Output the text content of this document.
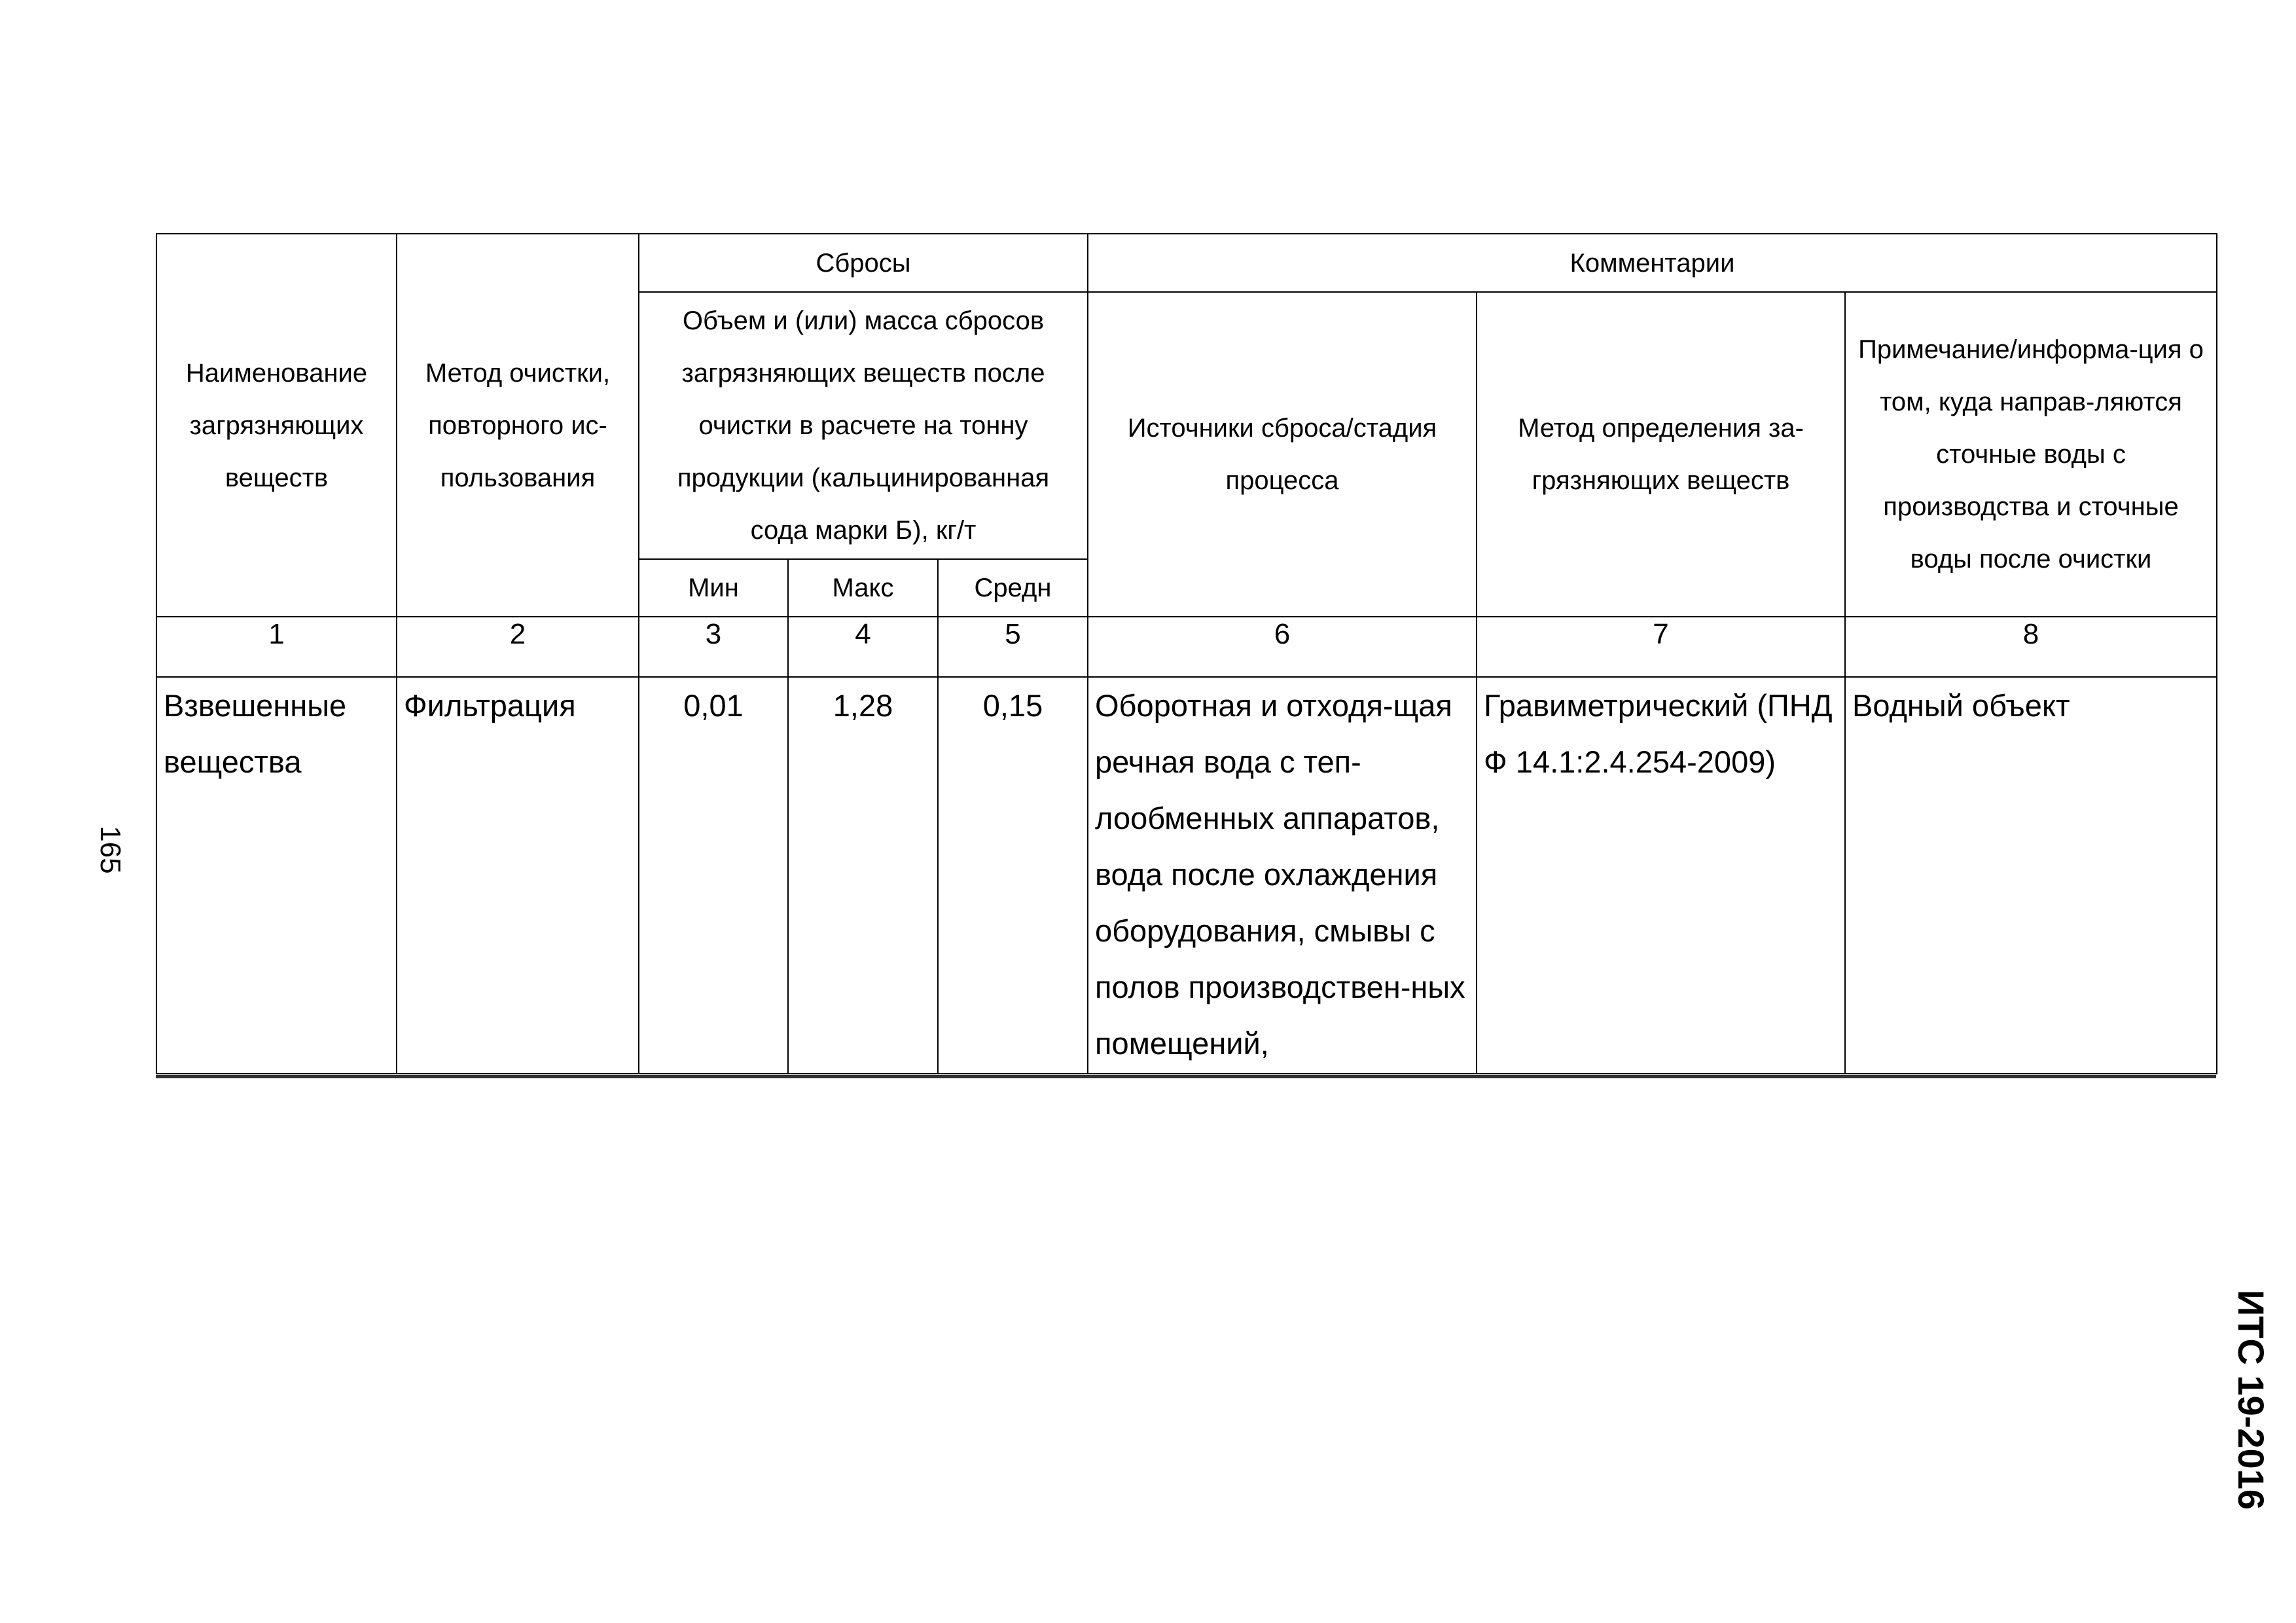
165
ИТС 19-2016
Наименование загрязняющих веществ	Метод очистки, повторного ис-пользования	Сбросы			Комментарии		
		Объем и (или) масса сбросов загрязняющих веществ после очистки в расчете на тонну продукции (кальцинированная сода марки Б), кг/т			Источники сброса/стадия процесса	Метод определения за-грязняющих веществ	Примечание/информа-ция о том, куда направ-ляются сточные воды с производства и сточные воды после очистки
		Мин	Макс	Средн			
1	2	3	4	5	6	7	8
Взвешенные вещества	Фильтрация	0,01	1,28	0,15	Оборотная и отходя-щая речная вода с теп-лообменных аппаратов, вода после охлаждения оборудования, смывы с полов производствен-ных помещений,	Гравиметрический (ПНД Ф 14.1:2.4.254-2009)	Водный объект
